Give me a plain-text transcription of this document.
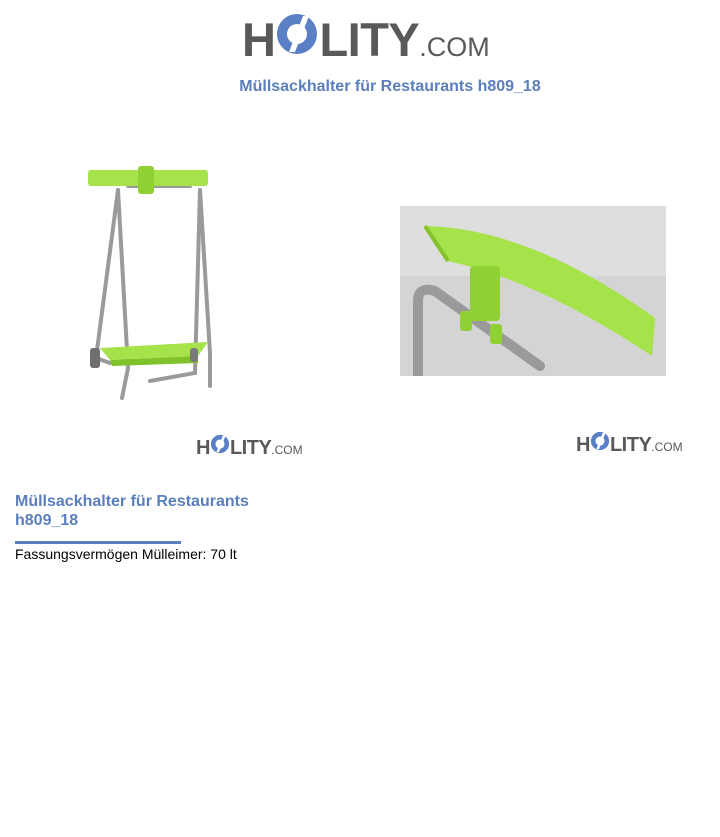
H LITY .COM
Müllsackhalter für Restaurants h809_18
H LITY .COM	H LITY .COM
Müllsackhalter für Restaurants h809_18
Fassungsvermögen Mülleimer: 70 lt
